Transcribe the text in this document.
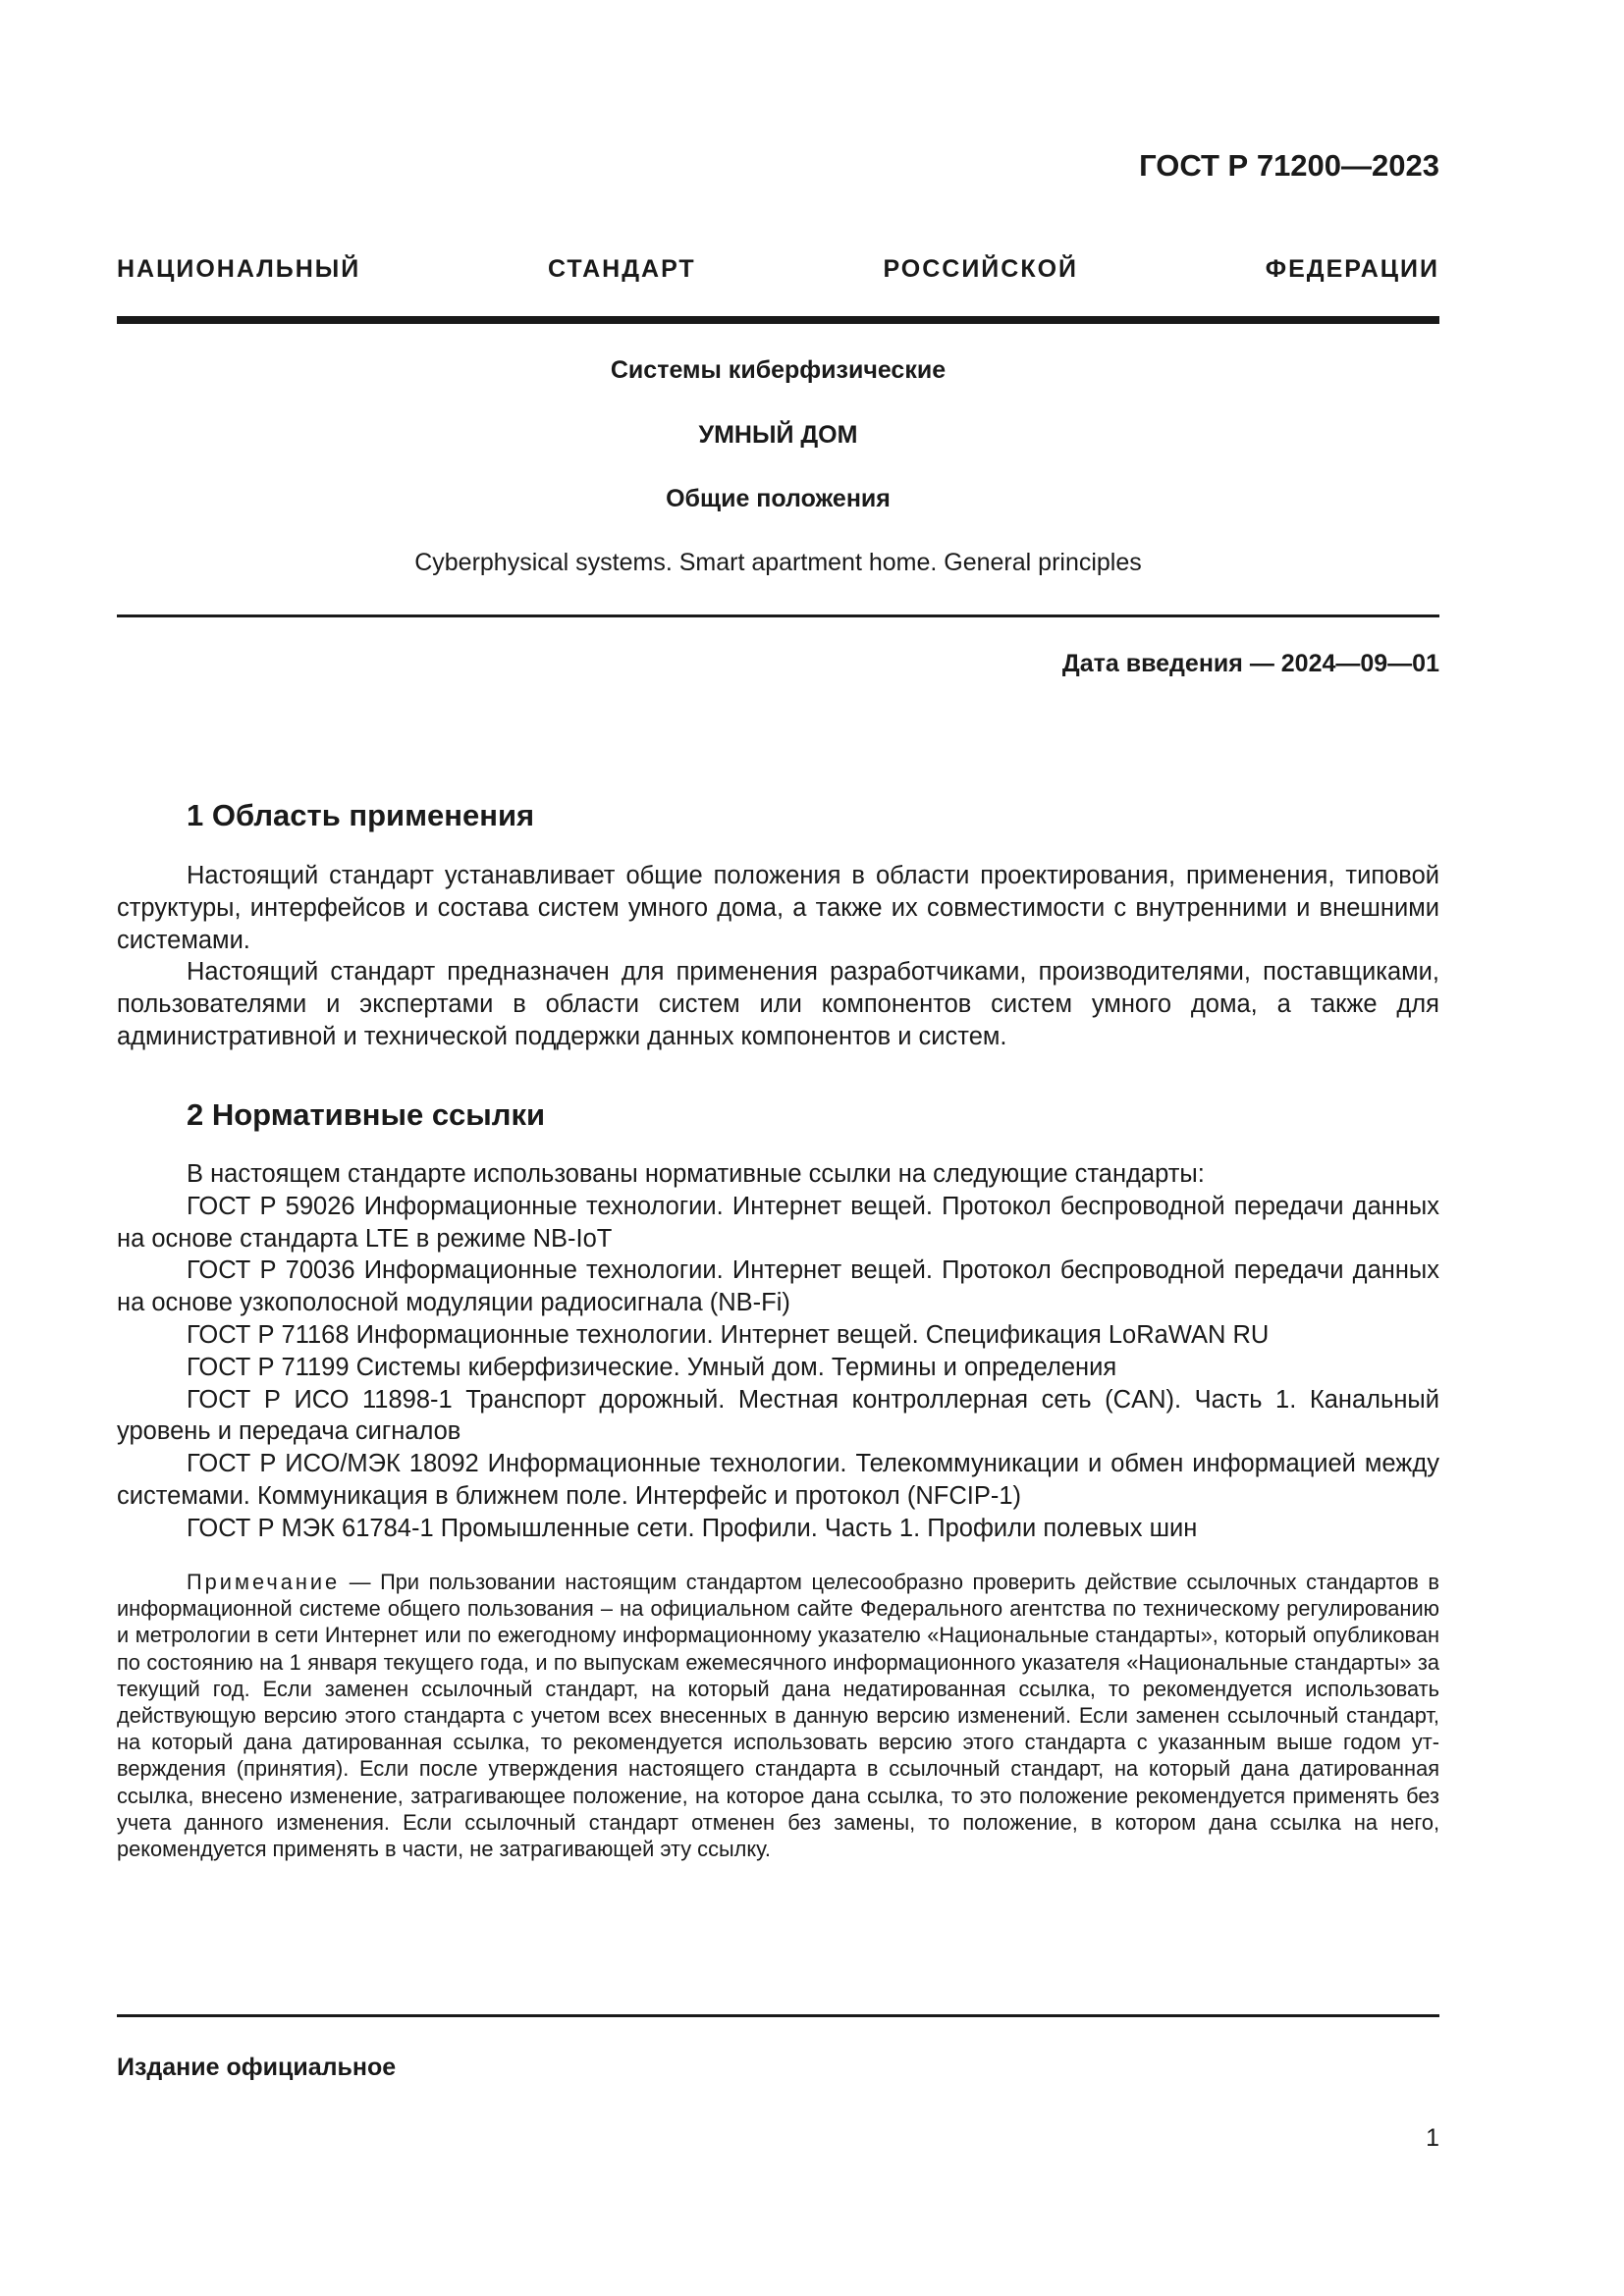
ГОСТ Р 71200—2023
НАЦИОНАЛЬНЫЙ СТАНДАРТ РОССИЙСКОЙ ФЕДЕРАЦИИ
Системы киберфизические
УМНЫЙ ДОМ
Общие положения
Cyberphysical systems. Smart apartment home. General principles
Дата введения — 2024—09—01
1 Область применения

Настоящий стандарт устанавливает общие положения в области проектирования, применения, типовой структуры, интерфейсов и состава систем умного дома, а также их совместимости с внутренними и внешними системами.

Настоящий стандарт предназначен для применения разработчиками, производителями, поставщиками, пользователями и экспертами в области систем или компонентов систем умного дома, а также для административной и технической поддержки данных компонентов и систем.

2 Нормативные ссылки

В настоящем стандарте использованы нормативные ссылки на следующие стандарты:

ГОСТ Р 59026 Информационные технологии. Интернет вещей. Протокол беспроводной передачи данных на основе стандарта LTE в режиме NB-IoT

ГОСТ Р 70036 Информационные технологии. Интернет вещей. Протокол беспроводной передачи данных на основе узкополосной модуляции радиосигнала (NB-Fi)

ГОСТ Р 71168 Информационные технологии. Интернет вещей. Спецификация LoRaWAN RU

ГОСТ Р 71199 Системы киберфизические. Умный дом. Термины и определения

ГОСТ Р ИСО 11898-1 Транспорт дорожный. Местная контроллерная сеть (CAN). Часть 1. Канальный уровень и передача сигналов

ГОСТ Р ИСО/МЭК 18092 Информационные технологии. Телекоммуникации и обмен информацией между системами. Коммуникация в ближнем поле. Интерфейс и протокол (NFCIP-1)

ГОСТ Р МЭК 61784-1 Промышленные сети. Профили. Часть 1. Профили полевых шин

Примечание — При пользовании настоящим стандартом целесообразно проверить действие ссылочных стандартов в информационной системе общего пользования – на официальном сайте Федерального агентства по техническому регулированию и метрологии в сети Интернет или по ежегодному информационному указателю «Национальные стандарты», который опубликован по состоянию на 1 января текущего года, и по выпускам ежемесячного информационного указателя «Национальные стандарты» за текущий год. Если заменен ссылочный стандарт, на который дана недатированная ссылка, то рекомендуется использовать действующую версию этого стандарта с учетом всех внесенных в данную версию изменений. Если заменен ссылочный стандарт, на который дана датированная ссылка, то рекомендуется использовать версию этого стандарта с указанным выше годом утверждения (принятия). Если после утверждения настоящего стандарта в ссылочный стандарт, на который дана датированная ссылка, внесено изменение, затрагивающее положение, на которое дана ссылка, то это положение рекомендуется применять без учета данного изменения. Если ссылочный стандарт отменен без замены, то положение, в котором дана ссылка на него, рекомендуется применять в части, не затрагивающей эту ссылку.

Издание официальное
1
